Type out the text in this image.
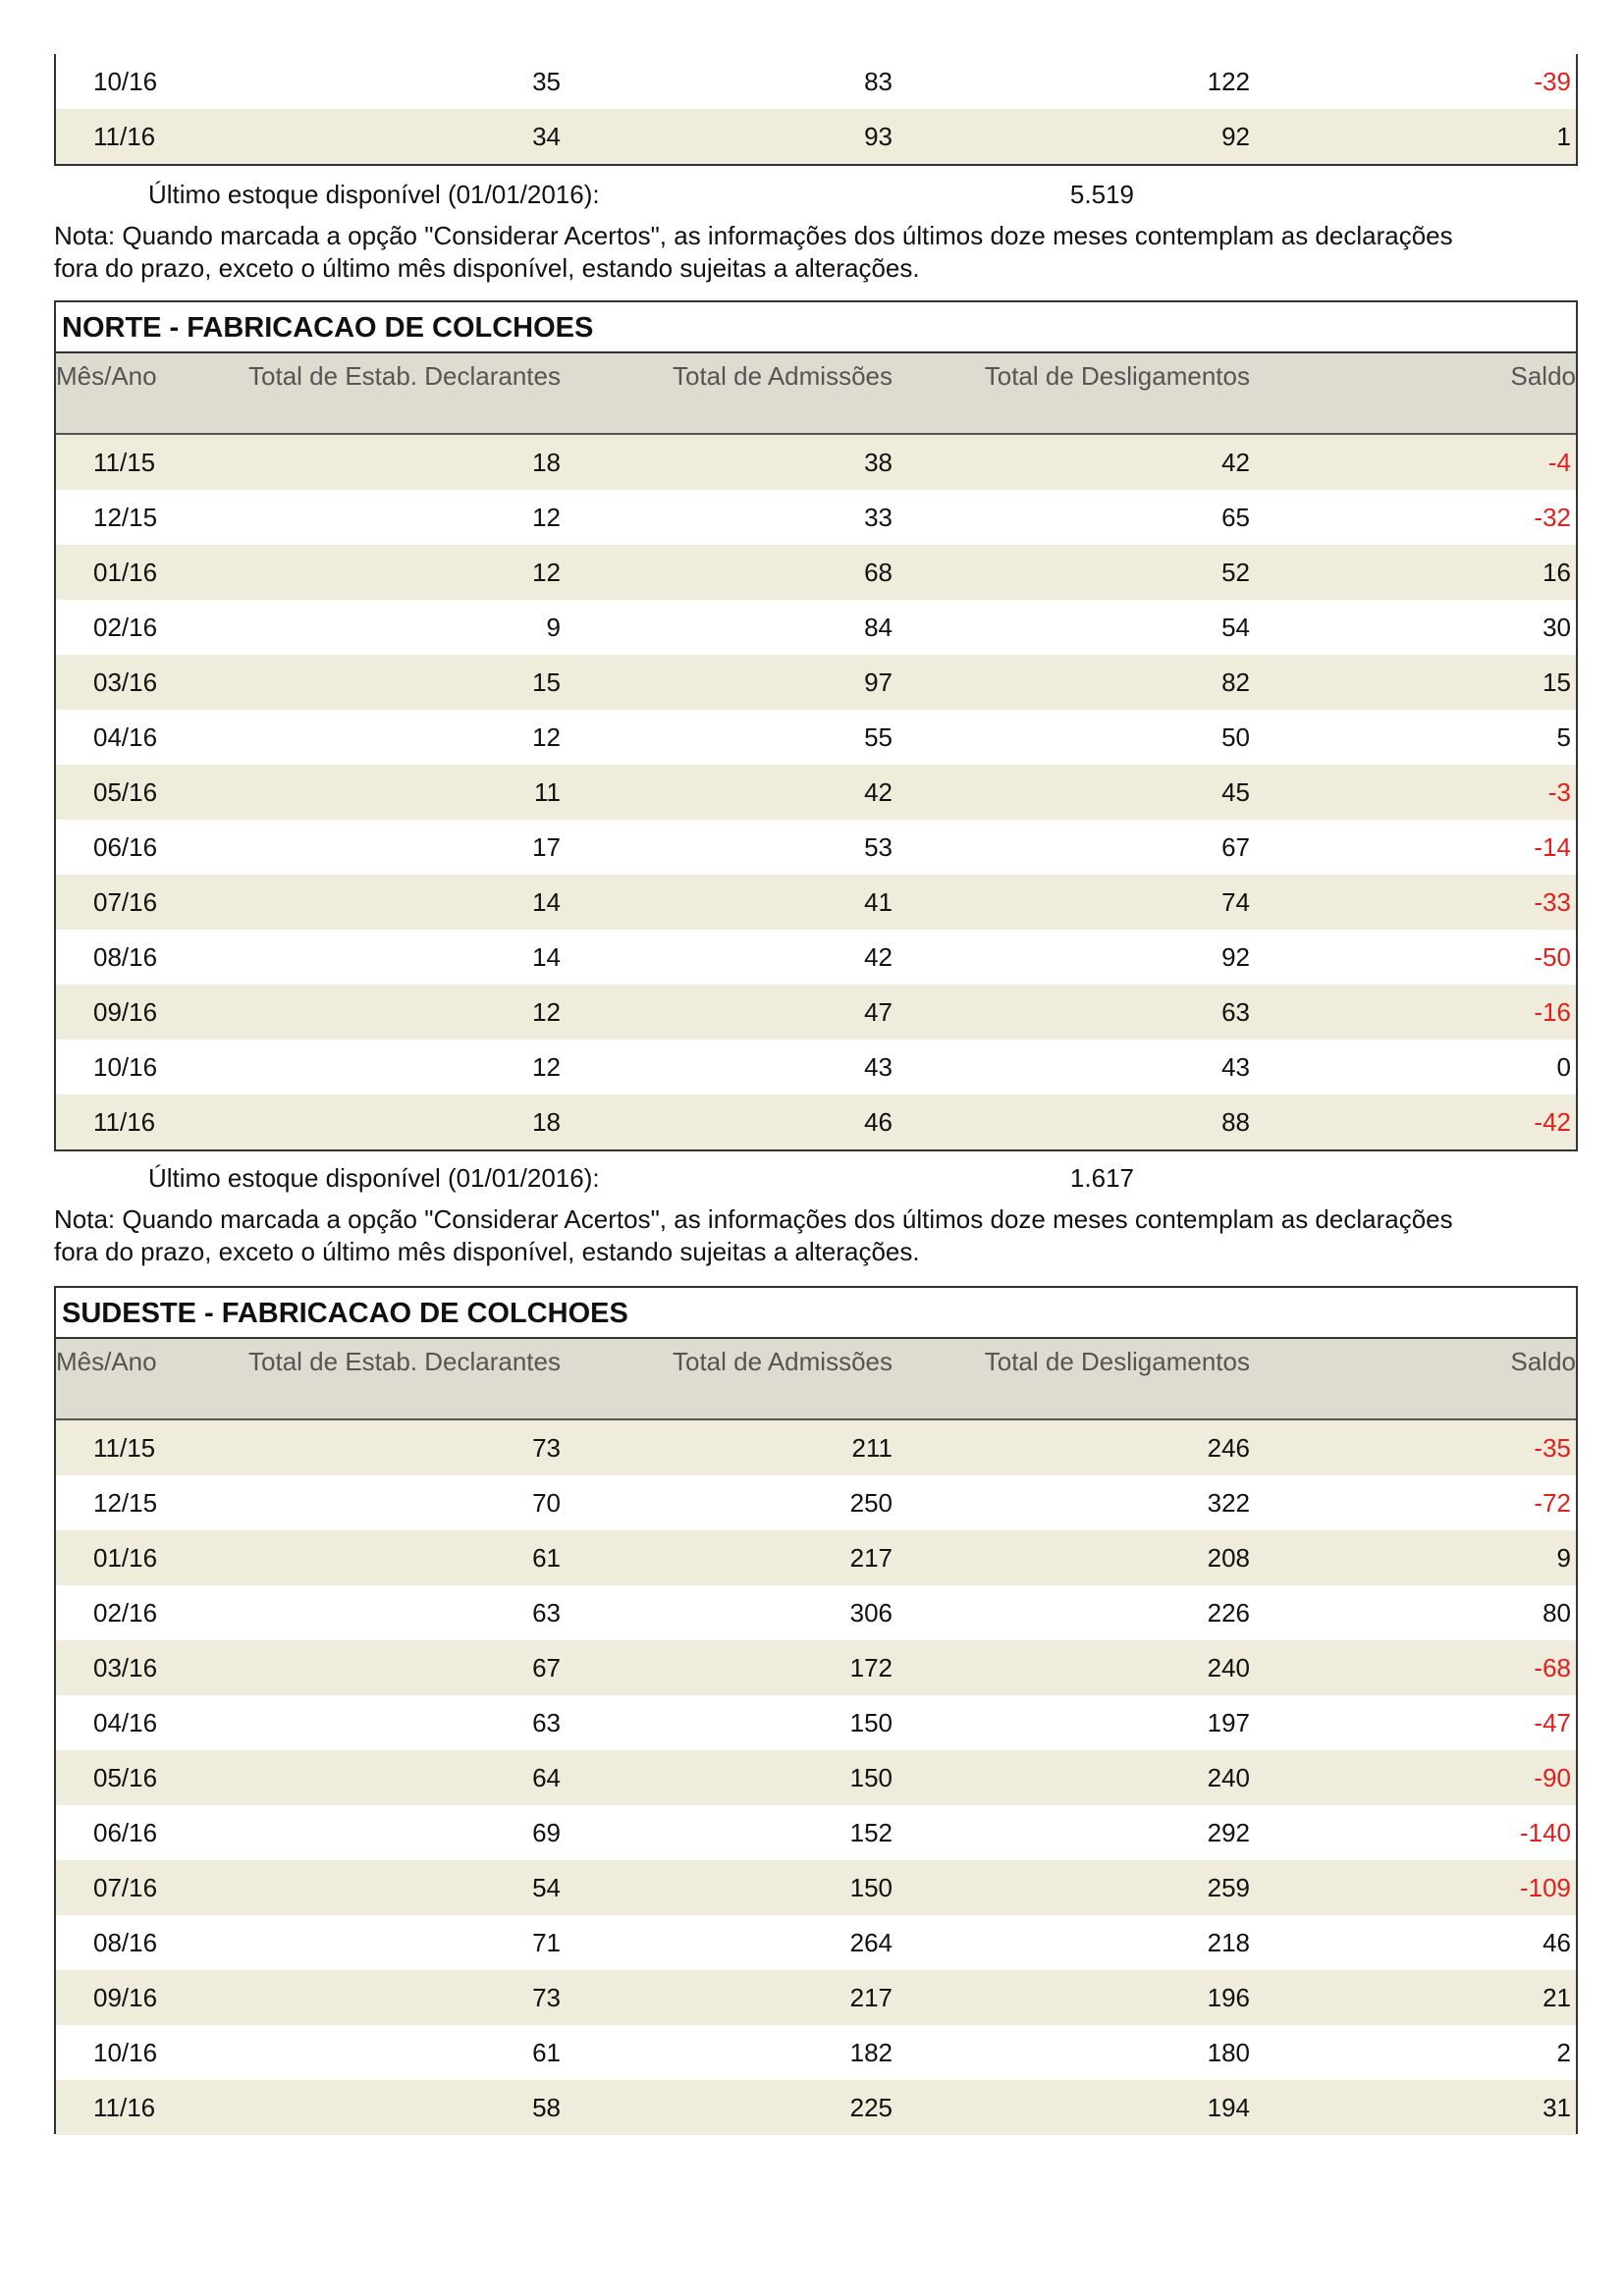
10/16	35	83	122	-39
11/16	34	93	92	1
Último estoque disponível (01/01/2016):	5.519
Nota: Quando marcada a opção "Considerar Acertos", as informações dos últimos doze meses contemplam as declarações
fora do prazo, exceto o último mês disponível, estando sujeitas a alterações.
NORTE - FABRICACAO DE COLCHOES
Mês/Ano	Total de Estab. Declarantes	Total de Admissões	Total de Desligamentos	Saldo
11/15	18	38	42	-4
12/15	12	33	65	-32
01/16	12	68	52	16
02/16	9	84	54	30
03/16	15	97	82	15
04/16	12	55	50	5
05/16	11	42	45	-3
06/16	17	53	67	-14
07/16	14	41	74	-33
08/16	14	42	92	-50
09/16	12	47	63	-16
10/16	12	43	43	0
11/16	18	46	88	-42
Último estoque disponível (01/01/2016):	1.617
Nota: Quando marcada a opção "Considerar Acertos", as informações dos últimos doze meses contemplam as declarações
fora do prazo, exceto o último mês disponível, estando sujeitas a alterações.
SUDESTE - FABRICACAO DE COLCHOES
Mês/Ano	Total de Estab. Declarantes	Total de Admissões	Total de Desligamentos	Saldo
11/15	73	211	246	-35
12/15	70	250	322	-72
01/16	61	217	208	9
02/16	63	306	226	80
03/16	67	172	240	-68
04/16	63	150	197	-47
05/16	64	150	240	-90
06/16	69	152	292	-140
07/16	54	150	259	-109
08/16	71	264	218	46
09/16	73	217	196	21
10/16	61	182	180	2
11/16	58	225	194	31
